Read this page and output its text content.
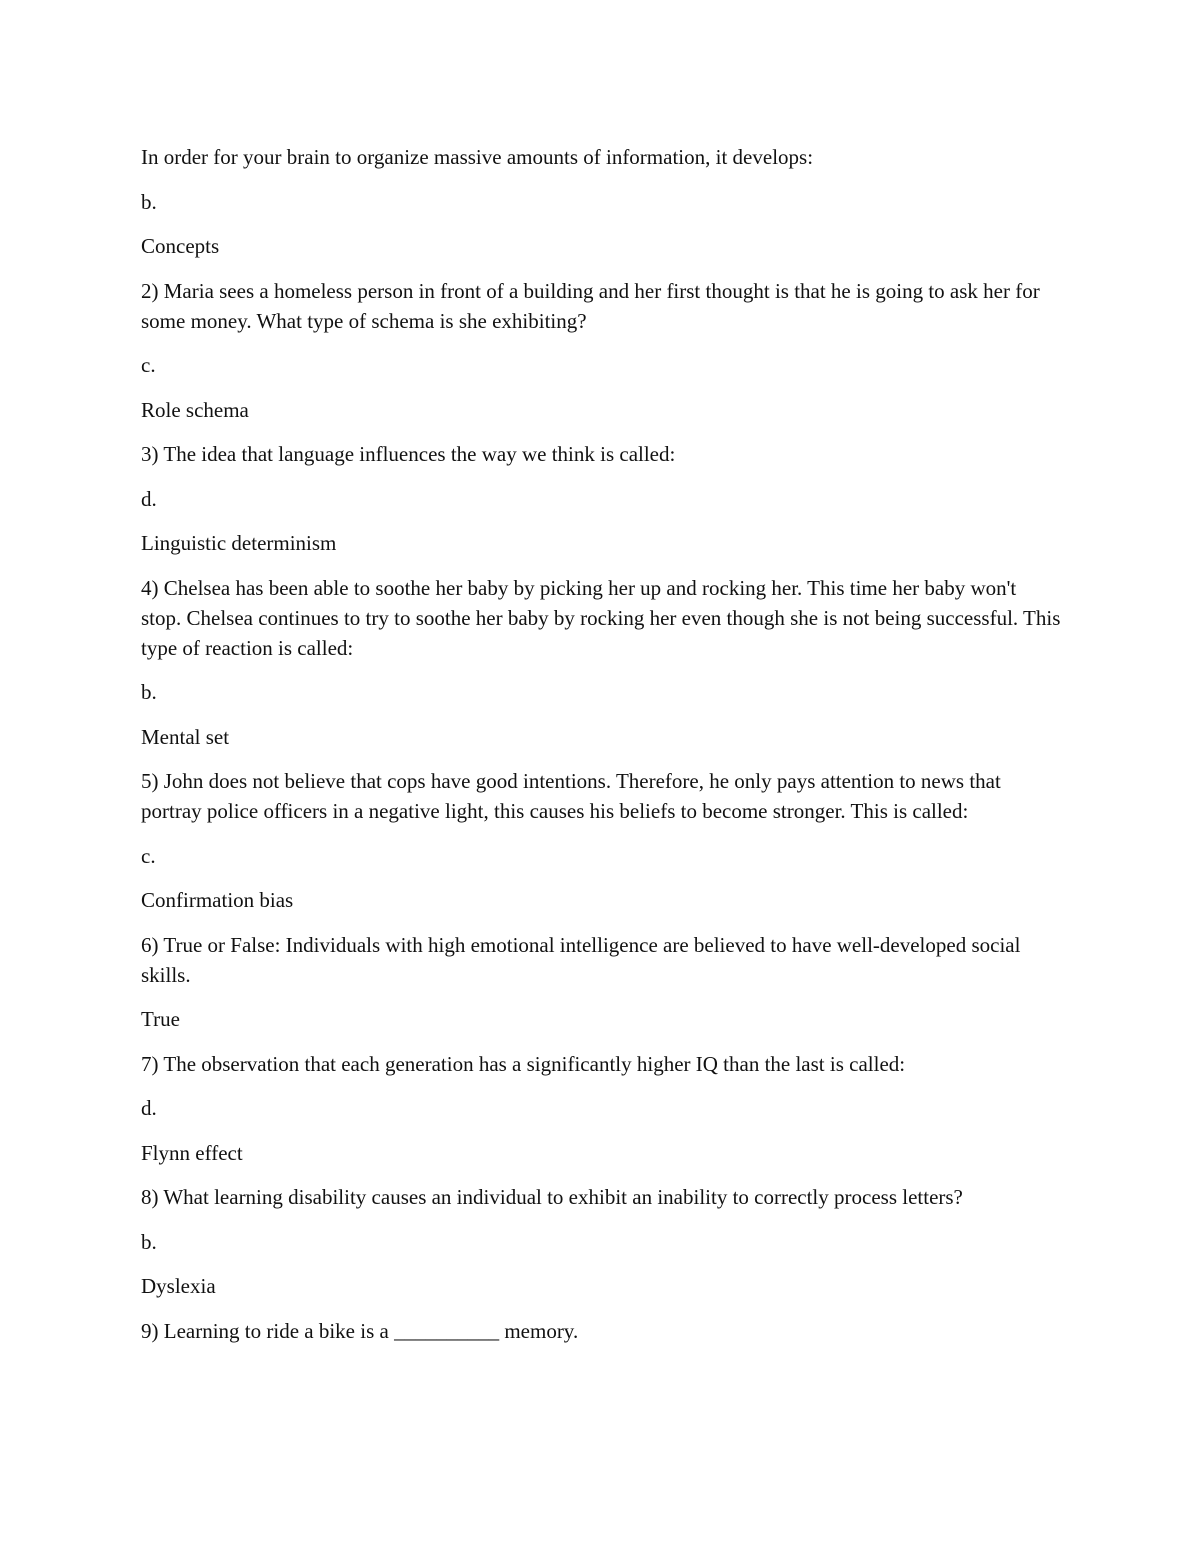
In order for your brain to organize massive amounts of information, it develops:

b.

Concepts

2) Maria sees a homeless person in front of a building and her first thought is that he is going to ask her for some money. What type of schema is she exhibiting?

c.

Role schema

3) The idea that language influences the way we think is called:

d.

Linguistic determinism

4) Chelsea has been able to soothe her baby by picking her up and rocking her. This time her baby won't stop. Chelsea continues to try to soothe her baby by rocking her even though she is not being successful. This type of reaction is called:

b.

Mental set

5) John does not believe that cops have good intentions. Therefore, he only pays attention to news that portray police officers in a negative light, this causes his beliefs to become stronger. This is called:

c.

Confirmation bias

6) True or False: Individuals with high emotional intelligence are believed to have well-developed social skills.

True

7) The observation that each generation has a significantly higher IQ than the last is called:

d.

Flynn effect

8) What learning disability causes an individual to exhibit an inability to correctly process letters?

b.

Dyslexia

9) Learning to ride a bike is a __________ memory.
